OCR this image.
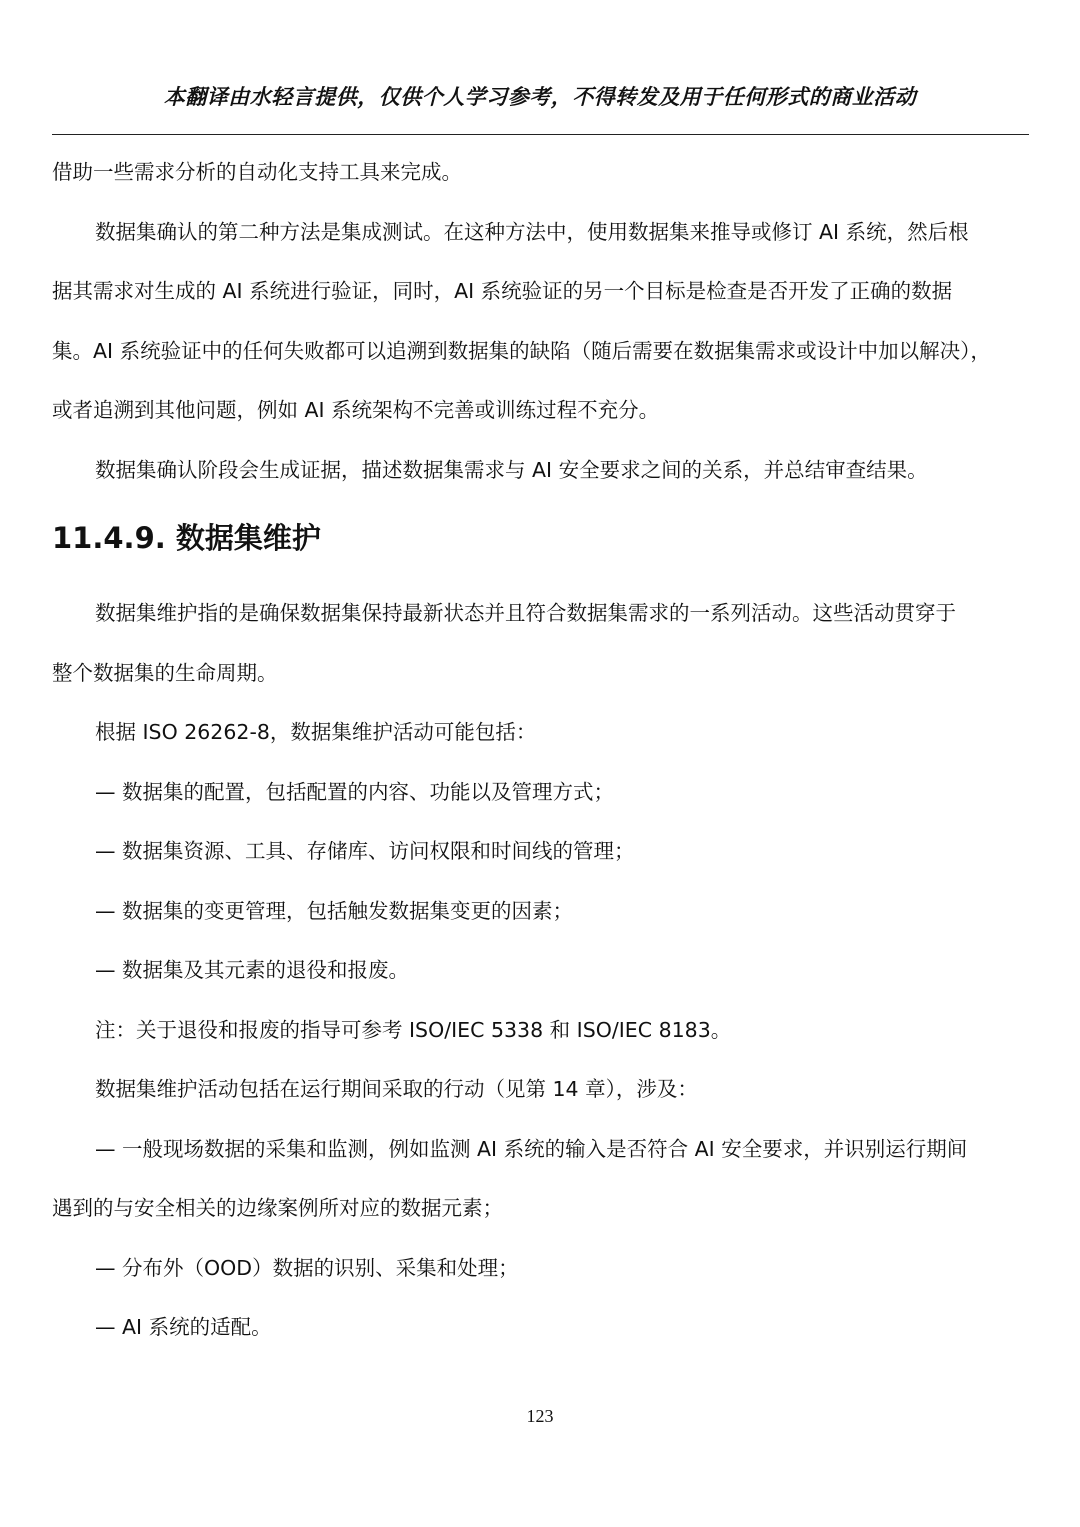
本翻译由水轻言提供，仅供个人学习参考，不得转发及用于任何形式的商业活动
借助一些需求分析的自动化支持工具来完成。
数据集确认的第二种方法是集成测试。在这种方法中，使用数据集来推导或修订 AI 系统，然后根
据其需求对生成的 AI 系统进行验证，同时，AI 系统验证的另一个目标是检查是否开发了正确的数据
集。AI 系统验证中的任何失败都可以追溯到数据集的缺陷（随后需要在数据集需求或设计中加以解决），
或者追溯到其他问题，例如 AI 系统架构不完善或训练过程不充分。
数据集确认阶段会生成证据，描述数据集需求与 AI 安全要求之间的关系，并总结审查结果。
11.4.9. 数据集维护
数据集维护指的是确保数据集保持最新状态并且符合数据集需求的一系列活动。这些活动贯穿于
整个数据集的生命周期。
根据 ISO 26262-8，数据集维护活动可能包括：
— 数据集的配置，包括配置的内容、功能以及管理方式；
— 数据集资源、工具、存储库、访问权限和时间线的管理；
— 数据集的变更管理，包括触发数据集变更的因素；
— 数据集及其元素的退役和报废。
注：关于退役和报废的指导可参考 ISO/IEC 5338 和 ISO/IEC 8183。
数据集维护活动包括在运行期间采取的行动（见第 14 章），涉及：
— 一般现场数据的采集和监测，例如监测 AI 系统的输入是否符合 AI 安全要求，并识别运行期间
遇到的与安全相关的边缘案例所对应的数据元素；
— 分布外（OOD）数据的识别、采集和处理；
— AI 系统的适配。
123
